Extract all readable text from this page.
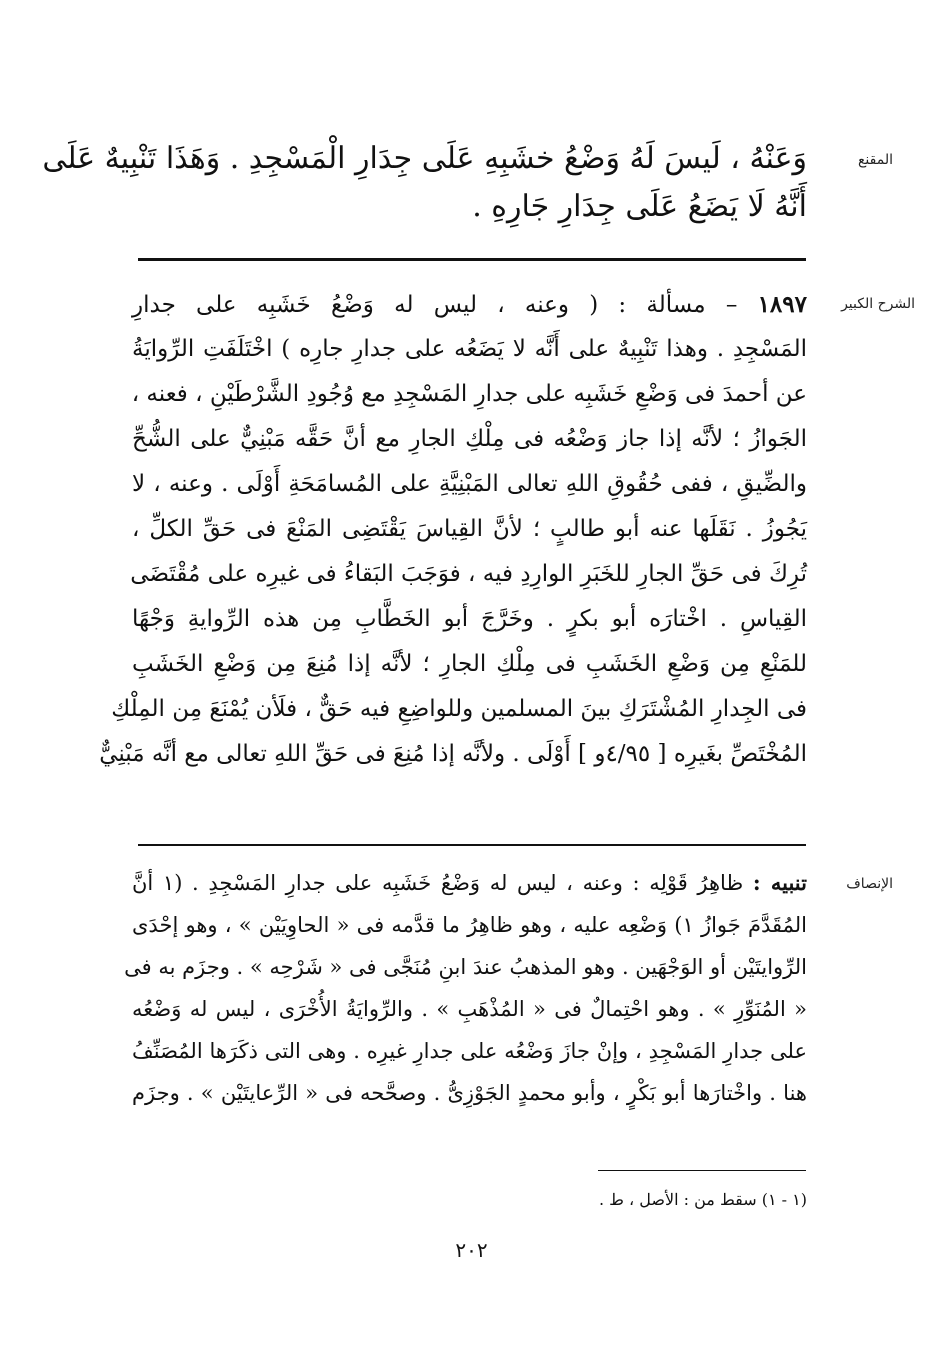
المقنع
وَعَنْهُ ، لَيسَ لَهُ وَضْعُ خشَبِهِ عَلَى جِدَارِ الْمَسْجِدِ . وَهَذَا تَنْبِيهٌ عَلَى
أَنَّهُ لَا يَضَعُ عَلَى جِدَارِ جَارِهِ .
الشرح الكبير
١٨٩٧ – مسألة : ( وعنه ، ليس له وَضْعُ خَشَبِه على جدارِ
المَسْجِدِ . وهذا تَنْبِيهٌ على أَنَّه لا يَضَعُه على جدارِ جارِه ) اخْتَلَفَتِ الرِّوايَةُ
عن أحمدَ فى وَضْعِ خَشَبِه على جدارِ المَسْجِدِ مع وُجُودِ الشَّرْطَيْنِ ، فعنه ،
الجَوازُ ؛ لأنَّه إذا جاز وَضْعُه فى مِلْكِ الجارِ مع أنَّ حَقَّه مَبْنِيٌّ على الشُّحِّ
والضِّيقِ ، ففى حُقُوقِ اللهِ تعالى المَبْنِيَّةِ على المُسامَحَةِ أَوْلَى . وعنه ، لا
يَجُوزُ . نَقَلَها عنه أبو طالبٍ ؛ لأنَّ القِياسَ يَقْتَضِى المَنْعَ فى حَقِّ الكلِّ ،
تُرِكَ فى حَقِّ الجارِ للخَبَرِ الوارِدِ فيه ، فوَجَبَ البَقاءُ فى غيرِه على مُقْتَضَى
القِياسِ . اخْتارَه أبو بكرٍ . وخَرَّجَ أبو الخَطَّابِ مِن هذه الرِّوايةِ وَجْهًا
للمَنْعِ مِن وَضْعِ الخَشَبِ فى مِلْكِ الجارِ ؛ لأنَّه إذا مُنِعَ مِن وَضْعِ الخَشَبِ
فى الجِدارِ المُشْتَرَكِ بينَ المسلمين وللواضِعِ فيه حَقٌّ ، فلَأن يُمْنَعَ مِن المِلْكِ
المُخْتَصِّ بغَيرِه [ ٤/٩٥و ] أَوْلَى . ولأنَّه إذا مُنِعَ فى حَقِّ اللهِ تعالى مع أنَّه مَبْنِيٌّ
الإنصاف
تنبيه : ظاهِرُ قَوْلِه : وعنه ، ليس له وَضْعُ خَشَبِه على جدارِ المَسْجِدِ . (١ أنَّ
المُقَدَّمَ جَوازُ ١) وَضْعِه عليه ، وهو ظاهِرُ ما قدَّمه فى « الحاوِيَيْن » ، وهو إحْدَى
الرِّوايتَيْن أو الوَجْهَين . وهو المذهبُ عندَ ابنِ مُنَجَّى فى « شَرْحِه » . وجزَم به فى
« المُنَوِّرِ » . وهو احْتِمالٌ فى « المُذْهَبِ » . والرِّوايَةُ الأُخْرَى ، ليس له وَضْعُه
على جدارِ المَسْجِدِ ، وإنْ جازَ وَضْعُه على جدارِ غيرِه . وهى التى ذكَرَها المُصَنِّفُ
هنا . واخْتارَها أبو بَكْرٍ ، وأبو محمدٍ الجَوْزِىُّ . وصحَّحه فى « الرِّعايتَيْن » . وجزَم
(١ - ١) سقط من : الأصل ، ط .
٢٠٢
